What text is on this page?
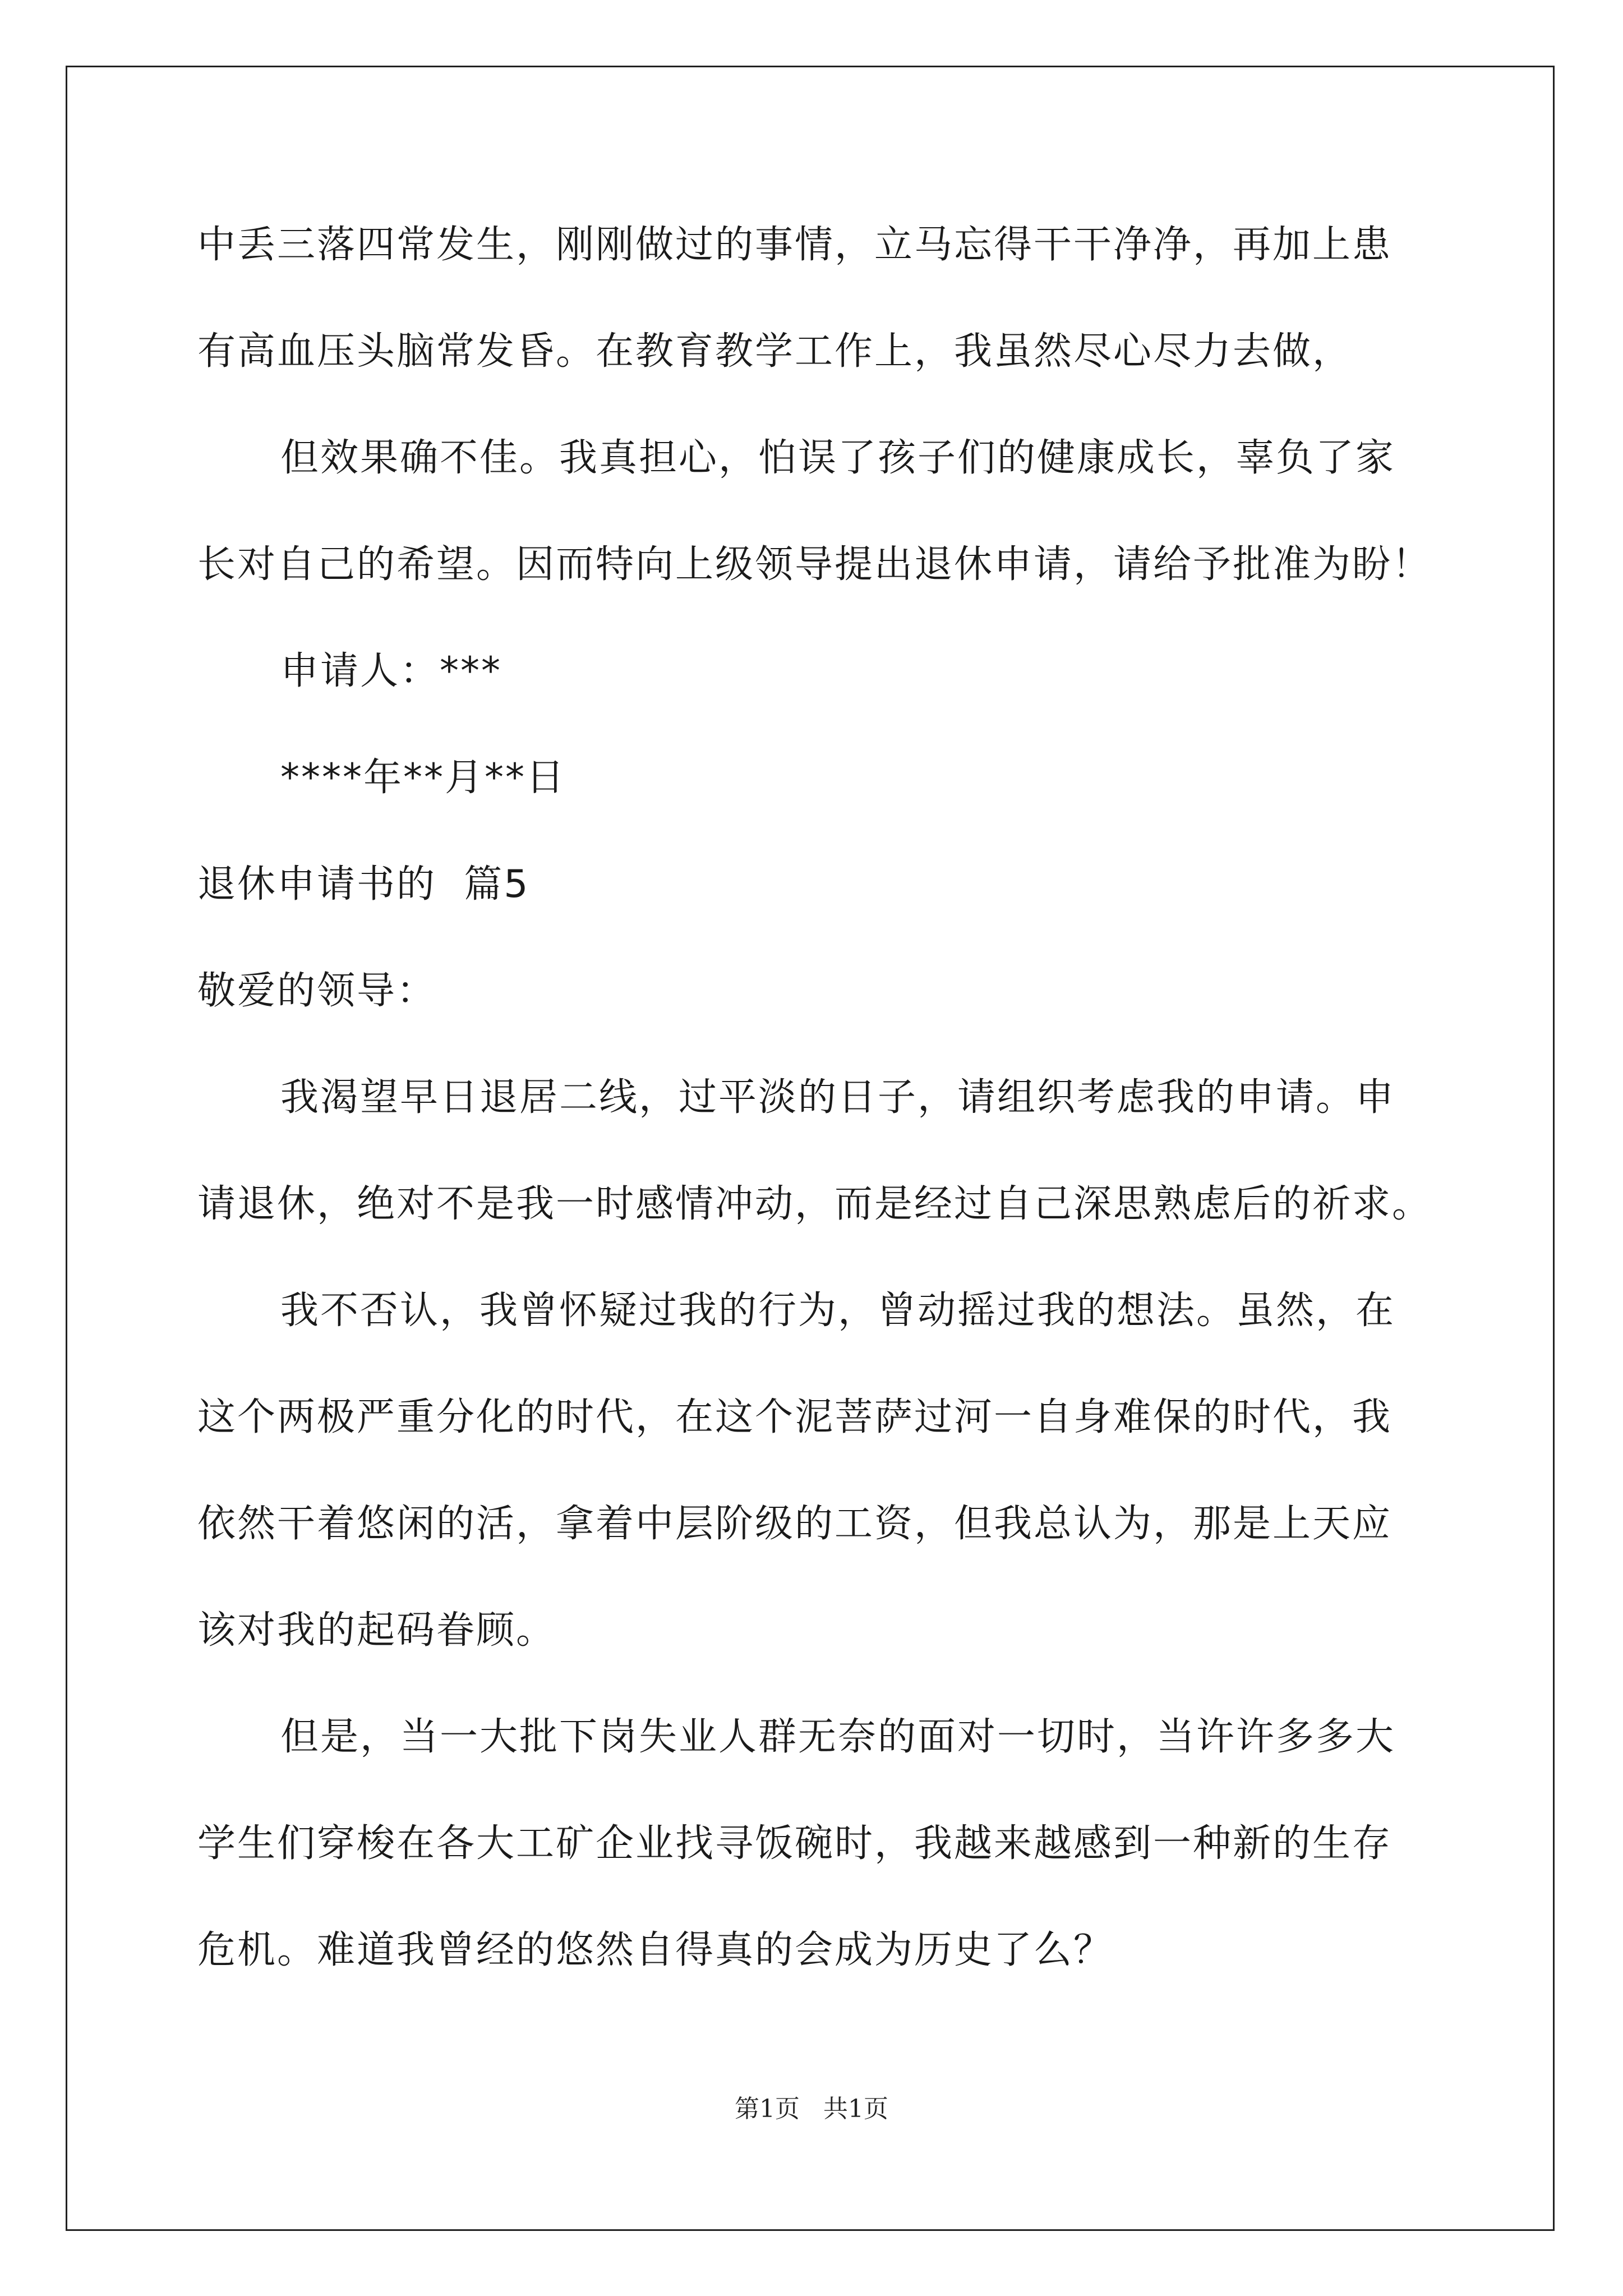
中丢三落四常发生，刚刚做过的事情，立马忘得干干净净，再加上患
有高血压头脑常发昏。在教育教学工作上，我虽然尽心尽力去做，
但效果确不佳。我真担心，怕误了孩子们的健康成长，辜负了家
长对自己的希望。因而特向上级领导提出退休申请，请给予批准为盼！
申请人：***
****年**月**日
退休申请书的  篇5
敬爱的领导：
我渴望早日退居二线，过平淡的日子，请组织考虑我的申请。申
请退休，绝对不是我一时感情冲动，而是经过自己深思熟虑后的祈求。
我不否认，我曾怀疑过我的行为，曾动摇过我的想法。虽然，在
这个两极严重分化的时代，在这个泥菩萨过河一自身难保的时代，我
依然干着悠闲的活，拿着中层阶级的工资，但我总认为，那是上天应
该对我的起码眷顾。
但是，当一大批下岗失业人群无奈的面对一切时，当许许多多大
学生们穿梭在各大工矿企业找寻饭碗时，我越来越感到一种新的生存
危机。难道我曾经的悠然自得真的会成为历史了么？
第1页   共1页
